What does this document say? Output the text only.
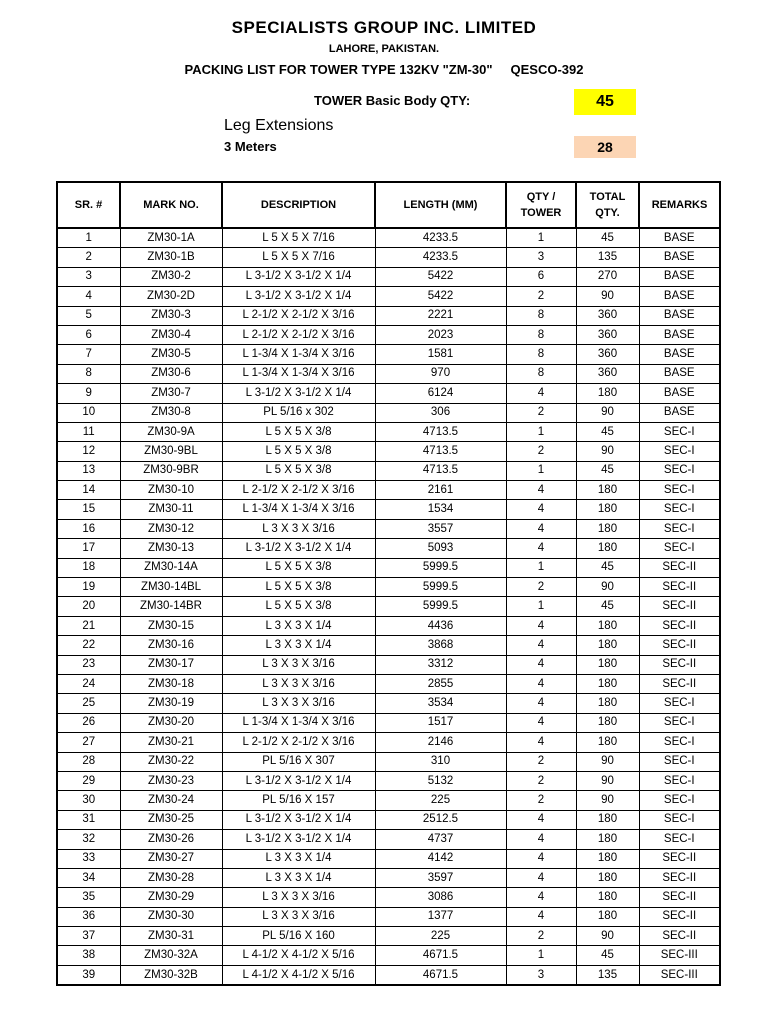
SPECIALISTS GROUP INC. LIMITED
LAHORE, PAKISTAN.
PACKING LIST FOR TOWER TYPE 132KV "ZM-30" QESCO-392
TOWER Basic Body QTY:	45
Leg Extensions
3 Meters	28
SR. #	MARK NO.	DESCRIPTION	LENGTH (MM)	QTY / TOWER	TOTAL QTY.	REMARKS
1	ZM30-1A	L 5 X 5 X 7/16	4233.5	1	45	BASE
2	ZM30-1B	L 5 X 5 X 7/16	4233.5	3	135	BASE
3	ZM30-2	L 3-1/2 X 3-1/2 X 1/4	5422	6	270	BASE
4	ZM30-2D	L 3-1/2 X 3-1/2 X 1/4	5422	2	90	BASE
5	ZM30-3	L 2-1/2 X 2-1/2 X 3/16	2221	8	360	BASE
6	ZM30-4	L 2-1/2 X 2-1/2 X 3/16	2023	8	360	BASE
7	ZM30-5	L 1-3/4 X 1-3/4 X 3/16	1581	8	360	BASE
8	ZM30-6	L 1-3/4 X 1-3/4 X 3/16	970	8	360	BASE
9	ZM30-7	L 3-1/2 X 3-1/2 X 1/4	6124	4	180	BASE
10	ZM30-8	PL 5/16 x 302	306	2	90	BASE
11	ZM30-9A	L 5 X 5 X 3/8	4713.5	1	45	SEC-I
12	ZM30-9BL	L 5 X 5 X 3/8	4713.5	2	90	SEC-I
13	ZM30-9BR	L 5 X 5 X 3/8	4713.5	1	45	SEC-I
14	ZM30-10	L 2-1/2 X 2-1/2 X 3/16	2161	4	180	SEC-I
15	ZM30-11	L 1-3/4 X 1-3/4 X 3/16	1534	4	180	SEC-I
16	ZM30-12	L 3 X 3 X 3/16	3557	4	180	SEC-I
17	ZM30-13	L 3-1/2 X 3-1/2 X 1/4	5093	4	180	SEC-I
18	ZM30-14A	L 5 X 5 X 3/8	5999.5	1	45	SEC-II
19	ZM30-14BL	L 5 X 5 X 3/8	5999.5	2	90	SEC-II
20	ZM30-14BR	L 5 X 5 X 3/8	5999.5	1	45	SEC-II
21	ZM30-15	L 3 X 3 X 1/4	4436	4	180	SEC-II
22	ZM30-16	L 3 X 3 X 1/4	3868	4	180	SEC-II
23	ZM30-17	L 3 X 3 X 3/16	3312	4	180	SEC-II
24	ZM30-18	L 3 X 3 X 3/16	2855	4	180	SEC-II
25	ZM30-19	L 3 X 3 X 3/16	3534	4	180	SEC-I
26	ZM30-20	L 1-3/4 X 1-3/4 X 3/16	1517	4	180	SEC-I
27	ZM30-21	L 2-1/2 X 2-1/2 X 3/16	2146	4	180	SEC-I
28	ZM30-22	PL 5/16 X 307	310	2	90	SEC-I
29	ZM30-23	L 3-1/2 X 3-1/2 X 1/4	5132	2	90	SEC-I
30	ZM30-24	PL 5/16 X 157	225	2	90	SEC-I
31	ZM30-25	L 3-1/2 X 3-1/2 X 1/4	2512.5	4	180	SEC-I
32	ZM30-26	L 3-1/2 X 3-1/2 X 1/4	4737	4	180	SEC-I
33	ZM30-27	L 3 X 3 X 1/4	4142	4	180	SEC-II
34	ZM30-28	L 3 X 3 X 1/4	3597	4	180	SEC-II
35	ZM30-29	L 3 X 3 X 3/16	3086	4	180	SEC-II
36	ZM30-30	L 3 X 3 X 3/16	1377	4	180	SEC-II
37	ZM30-31	PL 5/16 X 160	225	2	90	SEC-II
38	ZM30-32A	L 4-1/2 X 4-1/2 X 5/16	4671.5	1	45	SEC-III
39	ZM30-32B	L 4-1/2 X 4-1/2 X 5/16	4671.5	3	135	SEC-III
